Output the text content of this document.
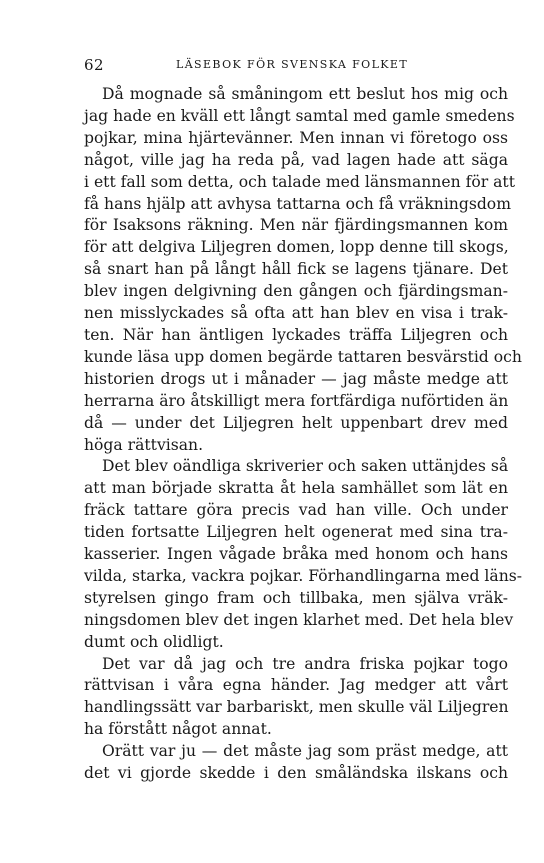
62	LÄSEBOK FÖR SVENSKA FOLKET
Då mognade så småningom ett beslut hos mig och
jag hade en kväll ett långt samtal med gamle smedens
pojkar, mina hjärtevänner. Men innan vi företogo oss
något, ville jag ha reda på, vad lagen hade att säga
i ett fall som detta, och talade med länsmannen för att
få hans hjälp att avhysa tattarna och få vräkningsdom
för Isaksons räkning. Men när fjärdingsmannen kom
för att delgiva Liljegren domen, lopp denne till skogs,
så snart han på långt håll fick se lagens tjänare. Det
blev ingen delgivning den gången och fjärdingsman-
nen misslyckades så ofta att han blev en visa i trak-
ten. När han äntligen lyckades träffa Liljegren och
kunde läsa upp domen begärde tattaren besvärstid och
historien drogs ut i månader — jag måste medge att
herrarna äro åtskilligt mera fortfärdiga nuförtiden än
då — under det Liljegren helt uppenbart drev med
höga rättvisan.
Det blev oändliga skriverier och saken uttänjdes så
att man började skratta åt hela samhället som lät en
fräck tattare göra precis vad han ville. Och under
tiden fortsatte Liljegren helt ogenerat med sina tra-
kasserier. Ingen vågade bråka med honom och hans
vilda, starka, vackra pojkar. Förhandlingarna med läns-
styrelsen gingo fram och tillbaka, men själva vräk-
ningsdomen blev det ingen klarhet med. Det hela blev
dumt och olidligt.
Det var då jag och tre andra friska pojkar togo
rättvisan i våra egna händer. Jag medger att vårt
handlingssätt var barbariskt, men skulle väl Liljegren
ha förstått något annat.
Orätt var ju — det måste jag som präst medge, att
det vi gjorde skedde i den småländska ilskans och
